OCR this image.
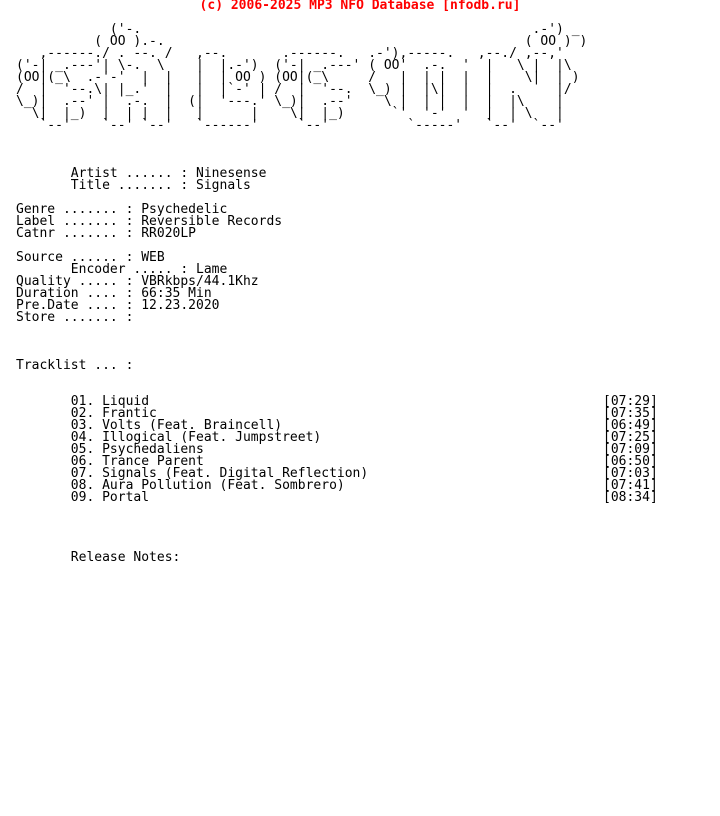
(c) 2006-2025 MP3 NFO Database [nfodb.ru]
('-.                                                  .-') _
( OO ).-.                                              ( OO ) )
,------./ . --. /   ,--.       .------.   .-'),-----.   ,--./ ,--,'
('-| _.---'| \-.  \    |  |.-')  ('-| _.---' ( OO'  .-.  '  |   \ |  |\
(OO|(_\  .-'-'  |  |   |  | OO ) (OO|(_\     /   |  | |  |  |    \|  | )
/  |  '--.\| |_.'  |   |  |`-' | /  |  '--.  \_) |  |\|  |  |  .     |/
\_)|  .--' |  .-.  |  (|  '---.' \_)|  .--'    \ |  | |  |  |  |\    |
\|  |_)  |  | |  |   |      |    \|  |_)      `'  '-'  '  |  | \   |
`--'    `--' `--'   `------'     `--'          `-----'   `--'  `--'

Artist ...... : Ninesense
Title ....... : Signals

Genre ....... : Psychedelic
Label ....... : Reversible Records
Catnr ....... : RR020LP

Source ...... : WEB
Encoder ..... : Lame
Quality ..... : VBRkbps/44.1Khz
Duration .... : 66:35 Min
Pre.Date .... : 12.23.2020
Store ....... :

Tracklist ... :

01. Liquid                                                          [07:29]
02. Frantic                                                         [07:35]
03. Volts (Feat. Braincell)                                         [06:49]
04. Illogical (Feat. Jumpstreet)                                    [07:25]
05. Psychedaliens                                                   [07:09]
06. Trance Parent                                                   [06:50]
07. Signals (Feat. Digital Reflection)                              [07:03]
08. Aura Pollution (Feat. Sombrero)                                 [07:41]
09. Portal                                                          [08:34]

Release Notes:
